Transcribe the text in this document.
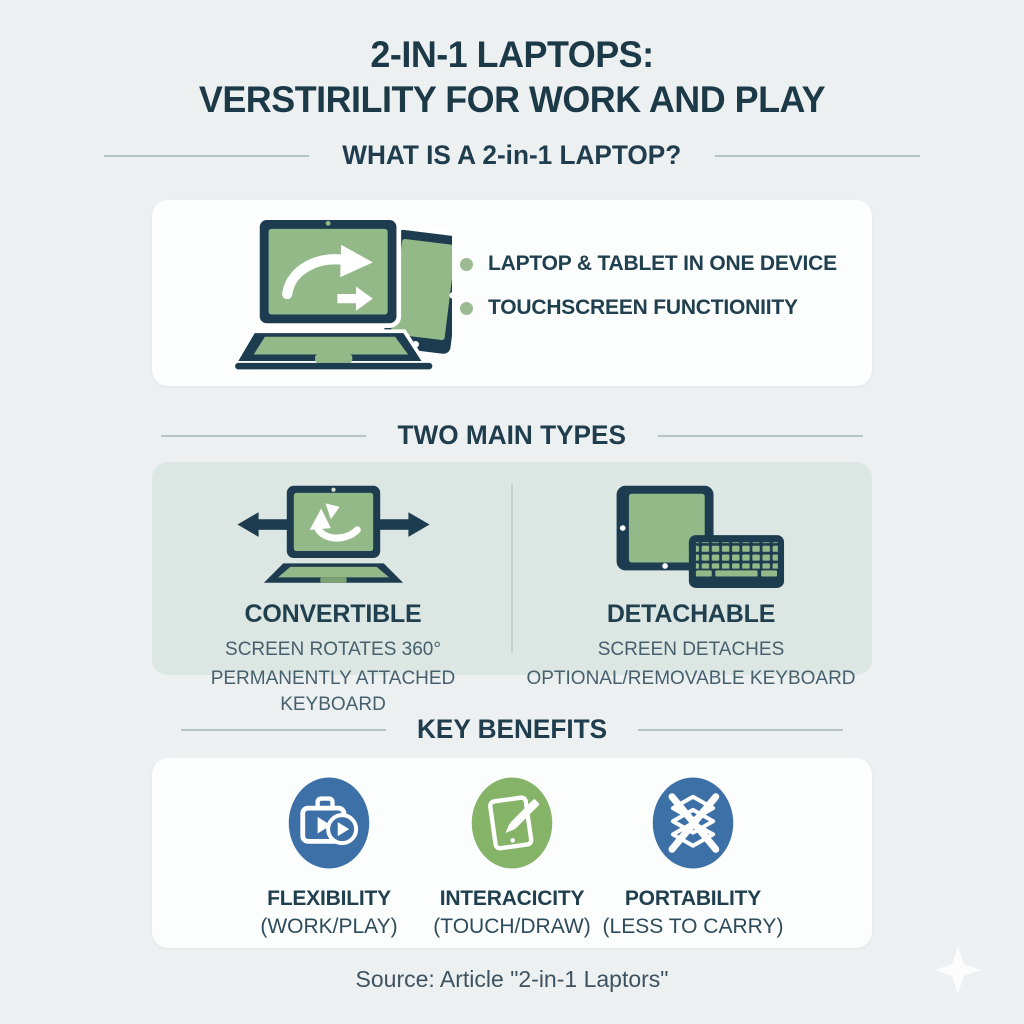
2-IN-1 LAPTOPS:
VERSTIRILITY FOR WORK AND PLAY
WHAT IS A 2-in-1 LAPTOP?
LAPTOP & TABLET IN ONE DEVICE
TOUCHSCREEN FUNCTIONIITY
TWO MAIN TYPES
CONVERTIBLE
SCREEN ROTATES 360°
PERMANENTLY ATTACHED KEYBOARD
DETACHABLE
SCREEN DETACHES
OPTIONAL/REMOVABLE KEYBOARD
KEY BENEFITS
FLEXIBILITY
(WORK/PLAY)
INTERACICITY
(TOUCH/DRAW)
PORTABILITY
(LESS TO CARRY)
Source: Article "2-in-1 Laptors"
